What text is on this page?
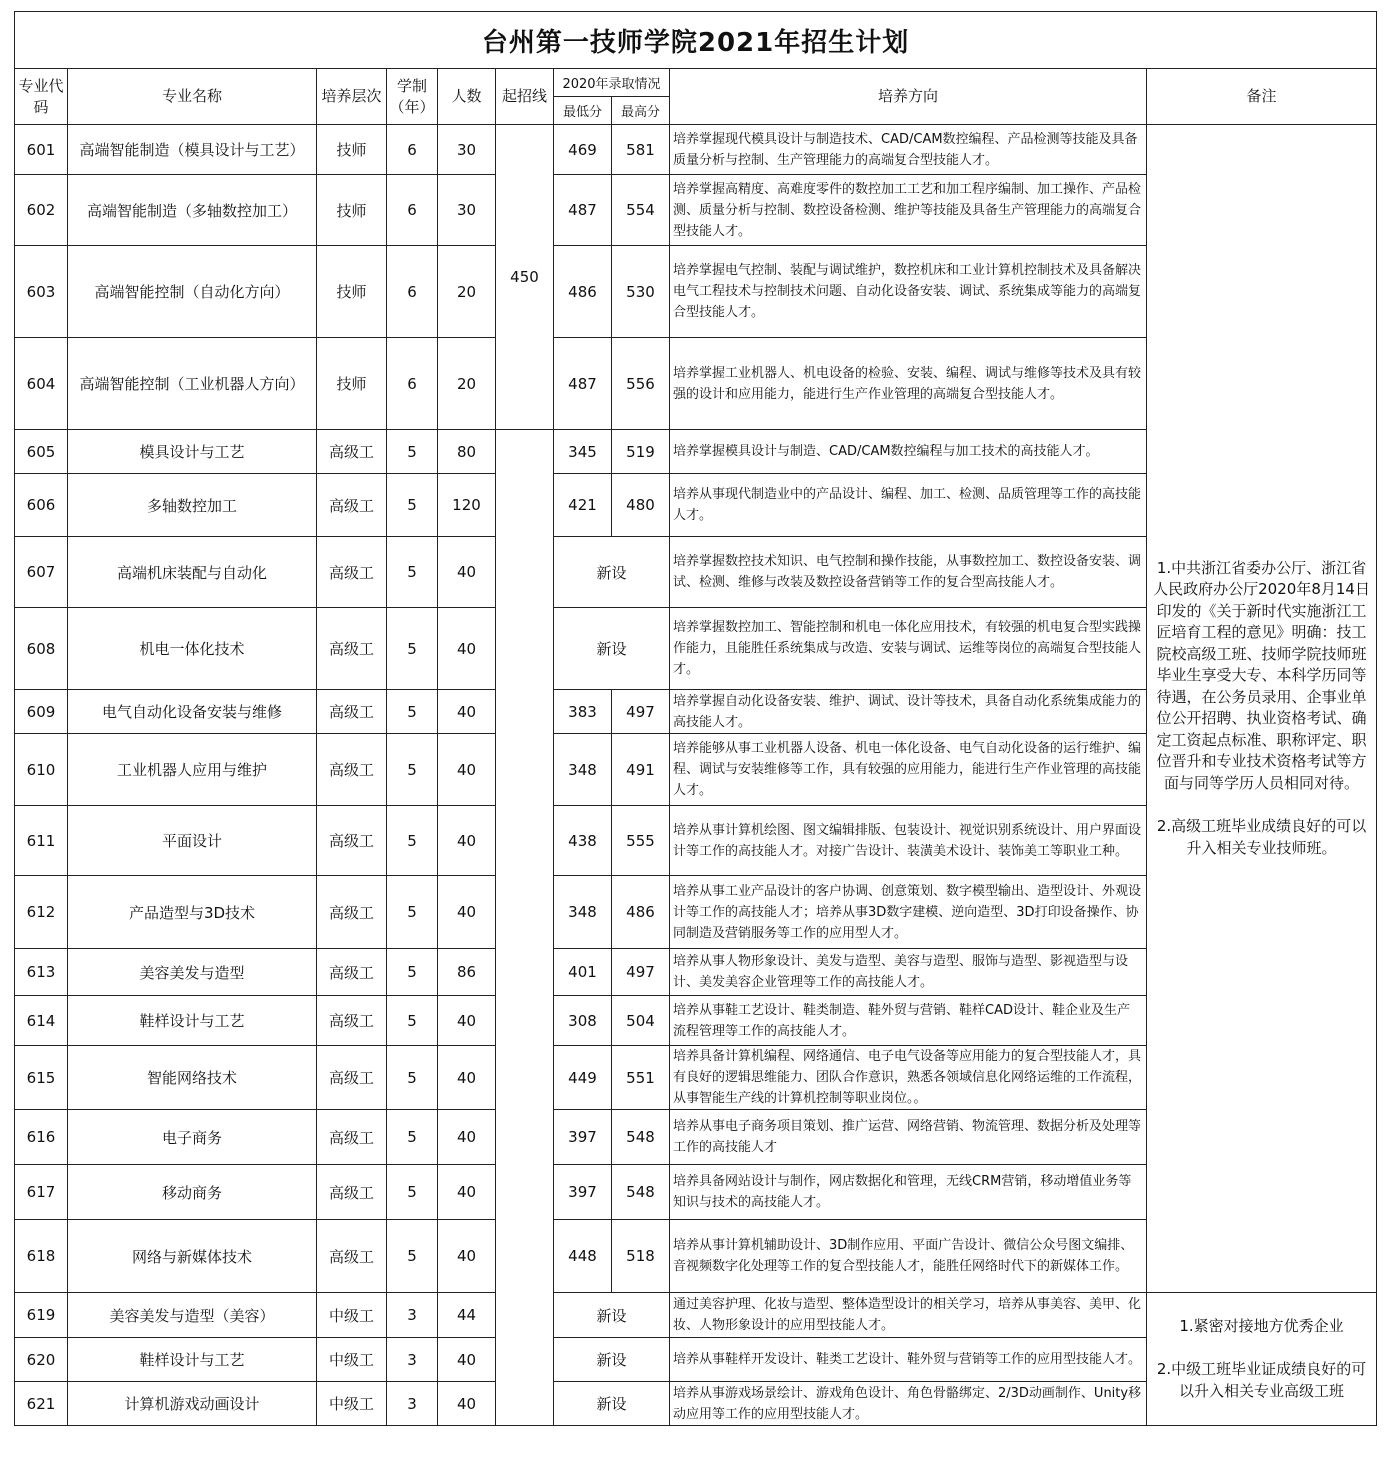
台州第一技师学院2021年招生计划									
专业代码	专业名称	培养层次	学制（年）	人数	起招线	2020年录取情况		培养方向	备注
						最低分	最高分		
601	高端智能制造（模具设计与工艺）	技师	6	30	450	469	581	培养掌握现代模具设计与制造技术、CAD/CAM数控编程、产品检测等技能及具备质量分析与控制、生产管理能力的高端复合型技能人才。	1.中共浙江省委办公厅、浙江省人民政府办公厅2020年8月14日印发的《关于新时代实施浙江工匠培育工程的意见》明确：技工院校高级工班、技师学院技师班毕业生享受大专、本科学历同等待遇，在公务员录用、企事业单位公开招聘、执业资格考试、确定工资起点标准、职称评定、职位晋升和专业技术资格考试等方面与同等学历人员相同对待。

2.高级工班毕业成绩良好的可以升入相关专业技师班。

602	高端智能制造（多轴数控加工）	技师	6	30		487	554	培养掌握高精度、高难度零件的数控加工工艺和加工程序编制、加工操作、产品检测、质量分析与控制、数控设备检测、维护等技能及具备生产管理能力的高端复合型技能人才。	
603	高端智能控制（自动化方向）	技师	6	20		486	530	培养掌握电气控制、装配与调试维护，数控机床和工业计算机控制技术及具备解决电气工程技术与控制技术问题、自动化设备安装、调试、系统集成等能力的高端复合型技能人才。	
604	高端智能控制（工业机器人方向）	技师	6	20		487	556	培养掌握工业机器人、机电设备的检验、安装、编程、调试与维修等技术及具有较强的设计和应用能力，能进行生产作业管理的高端复合型技能人才。	
605	模具设计与工艺	高级工	5	80		345	519	培养掌握模具设计与制造、CAD/CAM数控编程与加工技术的高技能人才。	
606	多轴数控加工	高级工	5	120		421	480	培养从事现代制造业中的产品设计、编程、加工、检测、品质管理等工作的高技能人才。	
607	高端机床装配与自动化	高级工	5	40		新设		培养掌握数控技术知识、电气控制和操作技能，从事数控加工、数控设备安装、调试、检测、维修与改装及数控设备营销等工作的复合型高技能人才。	
608	机电一体化技术	高级工	5	40		新设		培养掌握数控加工、智能控制和机电一体化应用技术，有较强的机电复合型实践操作能力，且能胜任系统集成与改造、安装与调试、运维等岗位的高端复合型技能人才。	
609	电气自动化设备安装与维修	高级工	5	40		383	497	培养掌握自动化设备安装、维护、调试、设计等技术，具备自动化系统集成能力的高技能人才。	
610	工业机器人应用与维护	高级工	5	40		348	491	培养能够从事工业机器人设备、机电一体化设备、电气自动化设备的运行维护、编程、调试与安装维修等工作，具有较强的应用能力，能进行生产作业管理的高技能人才。	
611	平面设计	高级工	5	40		438	555	培养从事计算机绘图、图文编辑排版、包装设计、视觉识别系统设计、用户界面设计等工作的高技能人才。对接广告设计、装潢美术设计、装饰美工等职业工种。	
612	产品造型与3D技术	高级工	5	40		348	486	培养从事工业产品设计的客户协调、创意策划、数字模型输出、造型设计、外观设计等工作的高技能人才；培养从事3D数字建模、逆向造型、3D打印设备操作、协同制造及营销服务等工作的应用型人才。	
613	美容美发与造型	高级工	5	86		401	497	培养从事人物形象设计、美发与造型、美容与造型、服饰与造型、影视造型与设计、美发美容企业管理等工作的高技能人才。	
614	鞋样设计与工艺	高级工	5	40		308	504	培养从事鞋工艺设计、鞋类制造、鞋外贸与营销、鞋样CAD设计、鞋企业及生产流程管理等工作的高技能人才。	
615	智能网络技术	高级工	5	40		449	551	培养具备计算机编程、网络通信、电子电气设备等应用能力的复合型技能人才，具有良好的逻辑思维能力、团队合作意识，熟悉各领域信息化网络运维的工作流程，从事智能生产线的计算机控制等职业岗位。。	
616	电子商务	高级工	5	40		397	548	培养从事电子商务项目策划、推广运营、网络营销、物流管理、数据分析及处理等工作的高技能人才	
617	移动商务	高级工	5	40		397	548	培养具备网站设计与制作，网店数据化和管理，无线CRM营销，移动增值业务等知识与技术的高技能人才。	
618	网络与新媒体技术	高级工	5	40		448	518	培养从事计算机辅助设计、3D制作应用、平面广告设计、微信公众号图文编排、音视频数字化处理等工作的复合型技能人才，能胜任网络时代下的新媒体工作。	
619	美容美发与造型（美容）	中级工	3	44		新设		通过美容护理、化妆与造型、整体造型设计的相关学习，培养从事美容、美甲、化妆、人物形象设计的应用型技能人才。	1.紧密对接地方优秀企业

2.中级工班毕业证成绩良好的可以升入相关专业高级工班

620	鞋样设计与工艺	中级工	3	40		新设		培养从事鞋样开发设计、鞋类工艺设计、鞋外贸与营销等工作的应用型技能人才。	
621	计算机游戏动画设计	中级工	3	40		新设		培养从事游戏场景绘计、游戏角色设计、角色骨骼绑定、2/3D动画制作、Unity移动应用等工作的应用型技能人才。	
